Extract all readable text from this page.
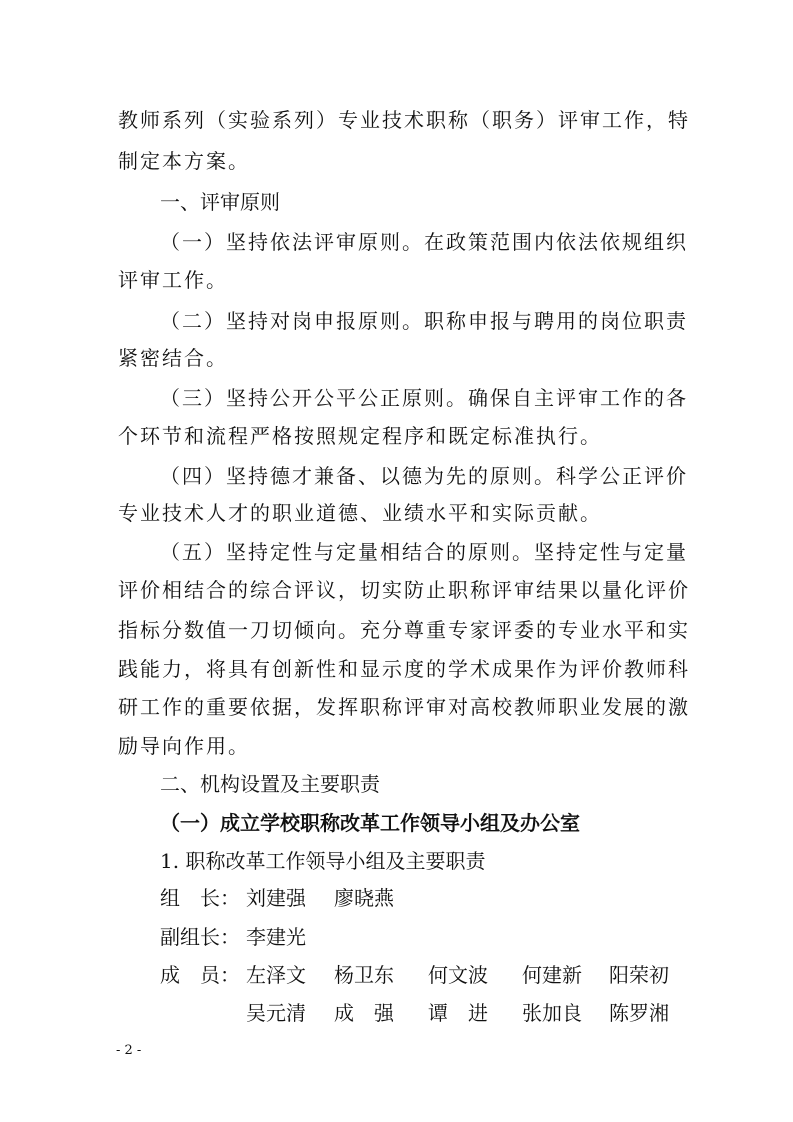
教师系列（实验系列）专业技术职称（职务）评审工作，特

制定本方案。

一、评审原则

（一）坚持依法评审原则。在政策范围内依法依规组织

评审工作。

（二）坚持对岗申报原则。职称申报与聘用的岗位职责

紧密结合。

（三）坚持公开公平公正原则。确保自主评审工作的各

个环节和流程严格按照规定程序和既定标准执行。

（四）坚持德才兼备、以德为先的原则。科学公正评价

专业技术人才的职业道德、业绩水平和实际贡献。

（五）坚持定性与定量相结合的原则。坚持定性与定量

评价相结合的综合评议，切实防止职称评审结果以量化评价

指标分数值一刀切倾向。充分尊重专家评委的专业水平和实

践能力，将具有创新性和显示度的学术成果作为评价教师科

研工作的重要依据，发挥职称评审对高校教师职业发展的激

励导向作用。

二、机构设置及主要职责

（一）成立学校职称改革工作领导小组及办公室

1. 职称改革工作领导小组及主要职责

组　长： 刘建强 廖晓燕
副组长： 李建光
成　员： 左泽文 杨卫东 何文波 何建新 阳荣初
吴元清 成　强 谭　进 张加良 陈罗湘
- 2 -
